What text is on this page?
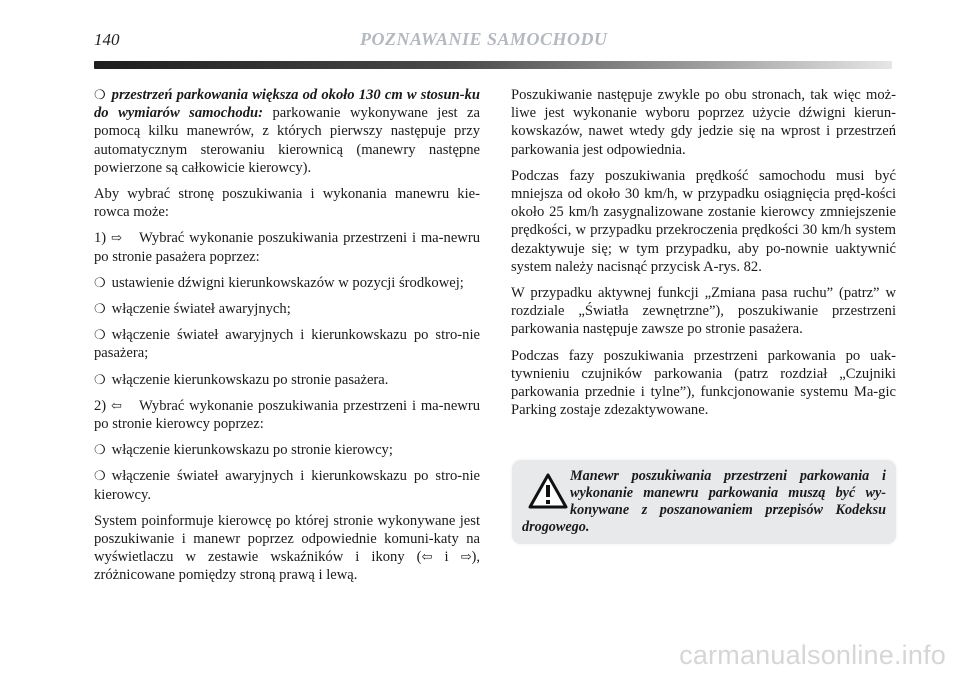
140	POZNAWANIE SAMOCHODU

❍ przestrzeń parkowania większa od około 130 cm w stosun-ku do wymiarów samochodu: parkowanie wykonywane jest za pomocą kilku manewrów, z których pierwszy następuje przy automatycznym sterowaniu kierownicą (manewry następne powierzone są całkowicie kierowcy).

Aby wybrać stronę poszukiwania i wykonania manewru kie-rowca może:

1) ⇨ Wybrać wykonanie poszukiwania przestrzeni i ma-newru po stronie pasażera poprzez:

❍ ustawienie dźwigni kierunkowskazów w pozycji środkowej;

❍ włączenie świateł awaryjnych;

❍ włączenie świateł awaryjnych i kierunkowskazu po stro-nie pasażera;

❍ włączenie kierunkowskazu po stronie pasażera.

2) ⇦ Wybrać wykonanie poszukiwania przestrzeni i ma-newru po stronie kierowcy poprzez:

❍ włączenie kierunkowskazu po stronie kierowcy;

❍ włączenie świateł awaryjnych i kierunkowskazu po stro-nie kierowcy.

System poinformuje kierowcę po której stronie wykonywane jest poszukiwanie i manewr poprzez odpowiednie komuni-katy na wyświetlaczu w zestawie wskaźników i ikony (⇦ i ⇨), zróżnicowane pomiędzy stroną prawą i lewą.

Poszukiwanie następuje zwykle po obu stronach, tak więc moż-liwe jest wykonanie wyboru poprzez użycie dźwigni kierun-kowskazów, nawet wtedy gdy jedzie się na wprost i przestrzeń parkowania jest odpowiednia.

Podczas fazy poszukiwania prędkość samochodu musi być mniejsza od około 30 km/h, w przypadku osiągnięcia pręd-kości około 25 km/h zasygnalizowane zostanie kierowcy zmniejszenie prędkości, w przypadku przekroczenia prędkości 30 km/h system dezaktywuje się; w tym przypadku, aby po-nownie uaktywnić system należy nacisnąć przycisk A-rys. 82.

W przypadku aktywnej funkcji „Zmiana pasa ruchu” (patrz” w rozdziale „Światła zewnętrzne”), poszukiwanie przestrzeni parkowania następuje zawsze po stronie pasażera.

Podczas fazy poszukiwania przestrzeni parkowania po uak-tywnieniu czujników parkowania (patrz rozdział „Czujniki parkowania przednie i tylne”), funkcjonowanie systemu Ma-gic Parking zostaje zdezaktywowane.

Manewr poszukiwania przestrzeni parkowania i wykonanie manewru parkowania muszą być wy-konywane z poszanowaniem przepisów Kodeksu drogowego.

carmanualsonline.info
